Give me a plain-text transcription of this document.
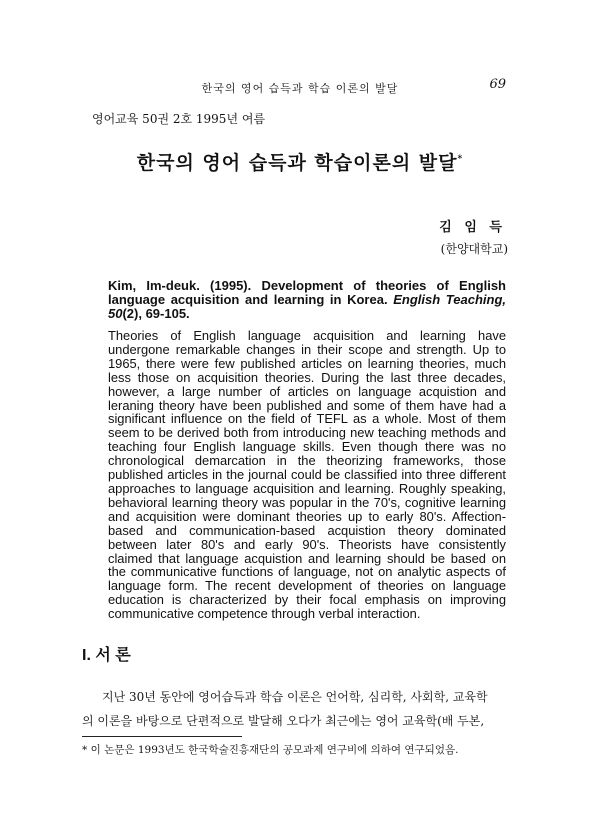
한국의 영어 습득과 학습 이론의 발달	69
영어교육 50권 2호 1995년 여름
한국의 영어 습득과 학습이론의 발달*
김 임 득
(한양대학교)

Kim, Im-deuk. (1995). Development of theories of English language acquisition and learning in Korea. English Teaching, 50(2), 69-105.

Theories of English language acquisition and learning have undergone remarkable changes in their scope and strength. Up to 1965, there were few published articles on learning theories, much less those on acquisition theories. During the last three decades, however, a large number of articles on language acquistion and leraning theory have been published and some of them have had a significant influence on the field of TEFL as a whole. Most of them seem to be derived both from introducing new teaching methods and teaching four English language skills. Even though there was no chronological demarcation in the theorizing frameworks, those published articles in the journal could be classified into three different approaches to language acquisition and learning. Roughly speaking, behavioral learning theory was popular in the 70's, cognitive learning and acquisition were dominant theories up to early 80's. Affection-based and communication-based acquistion theory dominated between later 80's and early 90's. Theorists have consistently claimed that language acquistion and learning should be based on the communicative functions of language, not on analytic aspects of language form. The recent development of theories on language education is characterized by their focal emphasis on improving communicative competence through verbal interaction.

I. 서 론
지난 30년 동안에 영어습득과 학습 이론은 언어학, 심리학, 사회학, 교육학
의 이론을 바탕으로 단편적으로 발달해 오다가 최근에는 영어 교육학(배 두본,
* 이 논문은 1993년도 한국학술진흥재단의 공모과제 연구비에 의하여 연구되었음.
